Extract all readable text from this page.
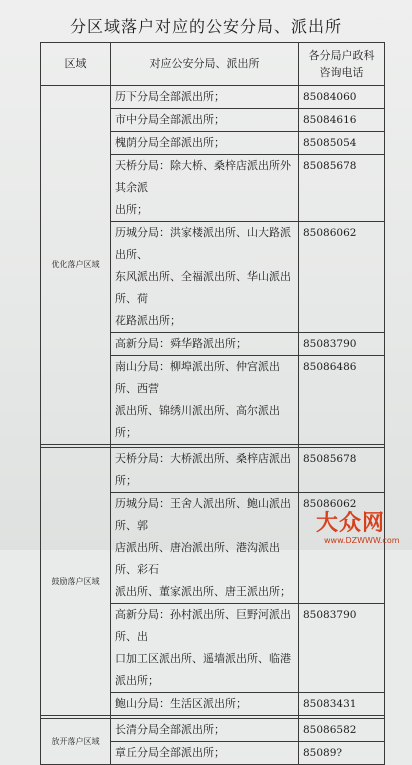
分区域落户对应的公安分局、派出所
区域	对应公安分局、派出所	各分局户政科
咨询电话
优化落户区域	历下分局全部派出所；	85084060

	市中分局全部派出所；	85084616

	槐荫分局全部派出所；	85085054

	天桥分局：除大桥、桑梓店派出所外其余派
出所；	85085678

	历城分局：洪家楼派出所、山大路派出所、
东风派出所、全福派出所、华山派出所、荷
花路派出所；	85086062

	高新分局：舜华路派出所；	85083790

	南山分局：柳埠派出所、仲宫派出所、西营
派出所、锦绣川派出所、高尔派出所；	85086486

鼓励落户区域	天桥分局：大桥派出所、桑梓店派出所；	85085678

	历城分局：王舍人派出所、鲍山派出所、郭
店派出所、唐冶派出所、港沟派出所、彩石
派出所、董家派出所、唐王派出所；	85086062

	高新分局：孙村派出所、巨野河派出所、出
口加工区派出所、遥墙派出所、临港派出所；	85083790

	鲍山分局：生活区派出所；	85083431

放开落户区域	长清分局全部派出所；	85086582

	章丘分局全部派出所；	85089?
大众网
www.DZWWW.com
